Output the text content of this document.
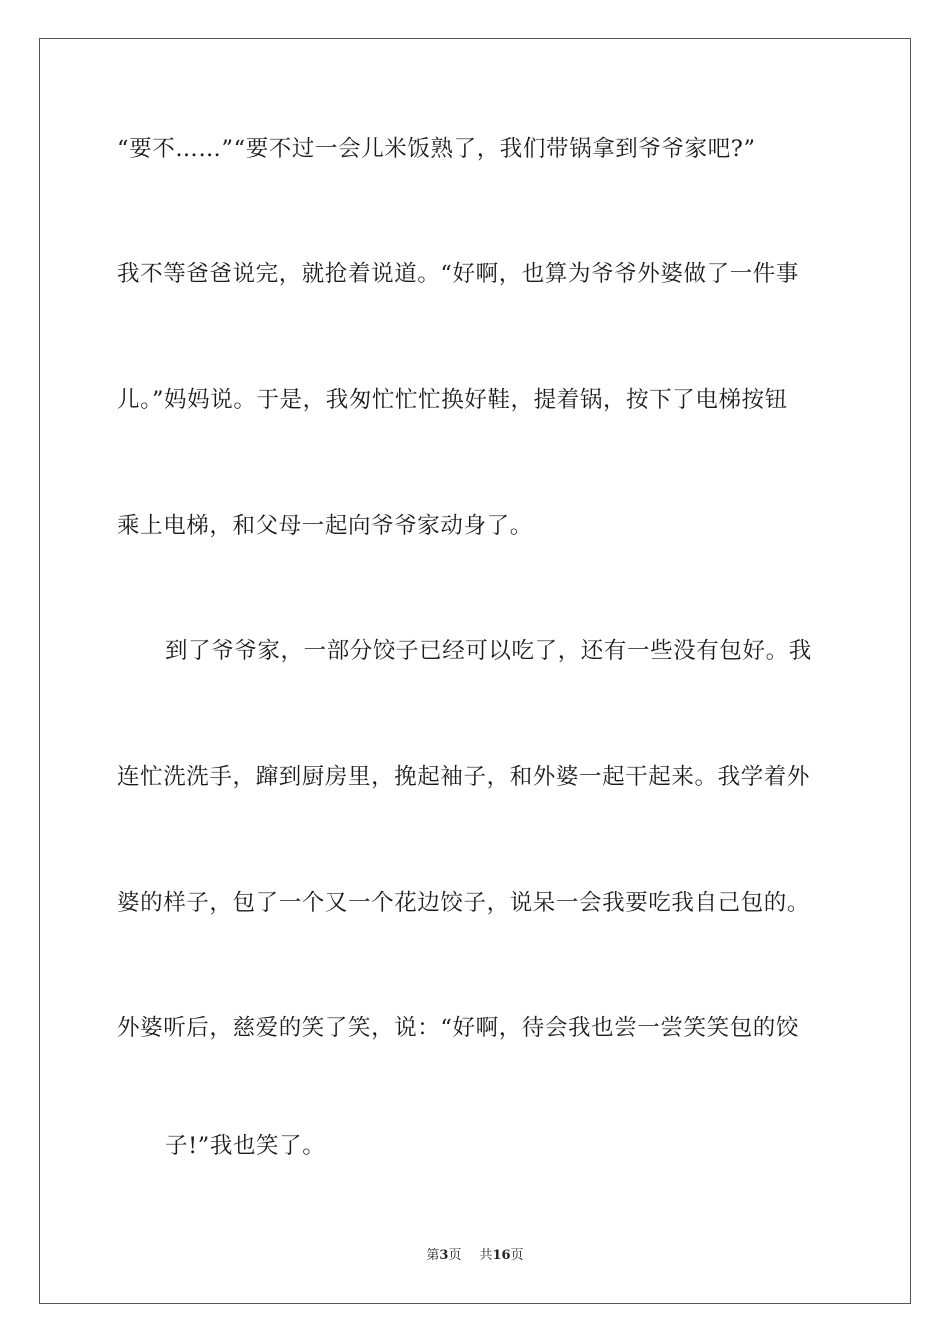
“要不……”“要不过一会儿米饭熟了，我们带锅拿到爷爷家吧?”
我不等爸爸说完，就抢着说道。“好啊，也算为爷爷外婆做了一件事
儿。”妈妈说。于是，我匆忙忙忙换好鞋，提着锅，按下了电梯按钮
乘上电梯，和父母一起向爷爷家动身了。
到了爷爷家，一部分饺子已经可以吃了，还有一些没有包好。我
连忙洗洗手，蹿到厨房里，挽起袖子，和外婆一起干起来。我学着外
婆的样子，包了一个又一个花边饺子，说呆一会我要吃我自己包的。
外婆听后，慈爱的笑了笑，说：“好啊，待会我也尝一尝笑笑包的饺
子!”我也笑了。
第3页 共16页
